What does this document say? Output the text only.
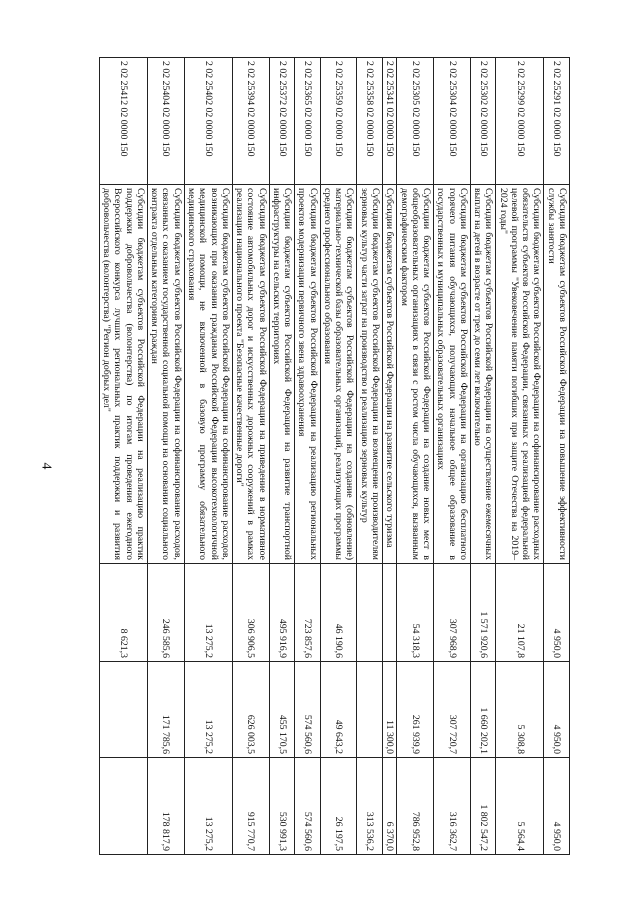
4
2 02 25291 02 0000 150	Субсидии бюджетам субъектов Российской Федерации на повышение эффективности службы занятости	4 950,0	4 950,0	4 950,0
2 02 25299 02 0000 150	Субсидии бюджетам субъектов Российской Федерации на софинансирование расходных обязательств субъектов Российской Федерации, связанных с реализацией федеральной целевой программы "Увековечение памяти погибших при защите Отечества на 2019–2024 годы"	21 107,8	5 308,8	5 564,4
2 02 25302 02 0000 150	Субсидии бюджетам субъектов Российской Федерации на осуществление ежемесячных выплат на детей в возрасте от трех до семи лет включительно	1 571 920,6	1 660 202,1	1 802 547,2
2 02 25304 02 0000 150	Субсидии бюджетам субъектов Российской Федерации на организацию бесплатного горячего питания обучающихся, получающих начальное общее образование в государственных и муниципальных образовательных организациях	307 968,9	307 720,7	316 362,7
2 02 25305 02 0000 150	Субсидии бюджетам субъектов Российской Федерации на создание новых мест в общеобразовательных организациях в связи с ростом числа обучающихся, вызванным демографическим фактором	54 318,3	261 939,9	786 952,8
2 02 25341 02 0000 150	Субсидии бюджетам субъектов Российской Федерации на развитие сельского туризма		11 300,0	6 370,0
2 02 25358 02 0000 150	Субсидии бюджетам субъектов Российской Федерации на возмещение производителям зерновых культур части затрат на производство и реализацию зерновых культур			313 536,2
2 02 25359 02 0000 150	Субсидии бюджетам субъектов Российской Федерации на создание (обновление) материально-технической базы образовательных организаций, реализующих программы среднего профессионального образования	46 190,6	49 643,2	26 197,5
2 02 25365 02 0000 150	Субсидии бюджетам субъектов Российской Федерации на реализацию региональных проектов модернизации первичного звена здравоохранения	723 857,6	574 560,6	574 560,6
2 02 25372 02 0000 150	Субсидии бюджетам субъектов Российской Федерации на развитие транспортной инфраструктуры на сельских территориях	495 916,9	455 170,5	530 991,3
2 02 25394 02 0000 150	Субсидии бюджетам субъектов Российской Федерации на приведение в нормативное состояние автомобильных дорог и искусственных дорожных сооружений в рамках реализации национального проекта "Безопасные качественные дороги"	306 906,5	626 003,5	915 770,7
2 02 25402 02 0000 150	Субсидии бюджетам субъектов Российской Федерации на софинансирование расходов, возникающих при оказании гражданам Российской Федерации высокотехнологичной медицинской помощи, не включенной в базовую программу обязательного медицинского страхования	13 275,2	13 275,2	13 275,2
2 02 25404 02 0000 150	Субсидии бюджетам субъектов Российской Федерации на софинансирование расходов, связанных с оказанием государственной социальной помощи на основании социального контракта отдельным категориям граждан	246 585,6	171 785,6	178 817,9
2 02 25412 02 0000 150	Субсидии бюджетам субъектов Российской Федерации на реализацию практик поддержки добровольчества (волонтерства) по итогам проведения ежегодного Всероссийского конкурса лучших региональных практик поддержки и развития добровольчества (волонтерства) "Регион добрых дел"	8 621,3		
